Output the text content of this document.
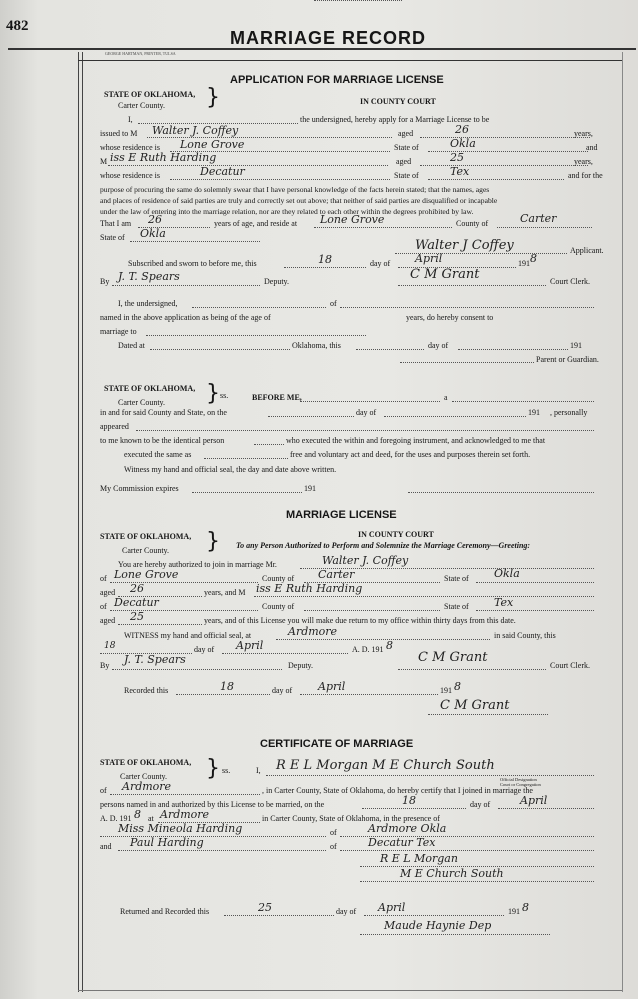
482
MARRIAGE RECORD
GEORGE HARTMAN, PRINTER, TULSA
APPLICATION FOR MARRIAGE LICENSE
STATE OF OKLAHOMA, }	IN COUNTY COURT
Carter County.
I,	the undersigned, hereby apply for a Marriage License to be
issued to M Walter J. Coffey	aged	26	years,
whose residence is Lone Grove	State of	Okla	and
M iss E Ruth Harding	aged	25	years,
whose residence is	Decatur	State of	Tex	and for the
purpose of procuring the same do solemnly swear that I have personal knowledge of the facts herein stated; that the names, ages
and places of residence of said parties are truly and correctly set out above; that neither of said parties are disqualified or incapable
under the law of entering into the marriage relation, nor are they related to each other within the degrees prohibited by law.
That I am 26	years of age, and reside at Lone Grove	County of	Carter
State of Okla
Walter J Coffey	Applicant.
Subscribed and sworn to before me, this	18	day of April	191 8
By J. T. Spears	Deputy.	C M Grant	Court Clerk.
I, the undersigned,	of
named in the above application as being of the age of	years, do hereby consent to
marriage to
Dated at	Oklahoma, this	day of	191
Parent or Guardian.
STATE OF OKLAHOMA, } ss.	BEFORE ME,	a
Carter County.
in and for said County and State, on the	day of	191 , personally
appeared
to me known to be the identical person	who executed the within and foregoing instrument, and acknowledged to me that
executed the same as	free and voluntary act and deed, for the uses and purposes therein set forth.
Witness my hand and official seal, the day and date above written.
My Commission expires	191
MARRIAGE LICENSE
STATE OF OKLAHOMA, }	IN COUNTY COURT
To any Person Authorized to Perform and Solemnize the Marriage Ceremony—Greeting:
Carter County.
You are hereby authorized to join in marriage Mr.	Walter J. Coffey
of Lone Grove	County of Carter	State of Okla
aged 26	years, and M iss E Ruth Harding
of Decatur	County of	State of Tex
aged 25	years, and of this License you will make due return to my office within thirty days from this date.
WITNESS my hand and official seal, at	Ardmore	in said County, this
18	day of April	A. D. 191 8
By J. T. Spears	Deputy.
C M Grant
Court Clerk.
Recorded this	18	day of April	191 8
C M Grant
CERTIFICATE OF MARRIAGE
STATE OF OKLAHOMA, } ss.	I, R E L Morgan M E Church South
Official Designation
Court or Congregation
Carter County.
of Ardmore	, in Carter County, State of Oklahoma, do hereby certify that I joined in marriage the
persons named in and authorized by this License to be married, on the	18	day of	April
A. D. 191 8 at Ardmore	in Carter County, State of Oklahoma, in the presence of
Miss Mineola Harding	of	Ardmore Okla
and Paul Harding	of	Decatur Tex
R E L Morgan
M E Church South
Returned and Recorded this	25	day of April	191 8
Maude Haynie Dep
